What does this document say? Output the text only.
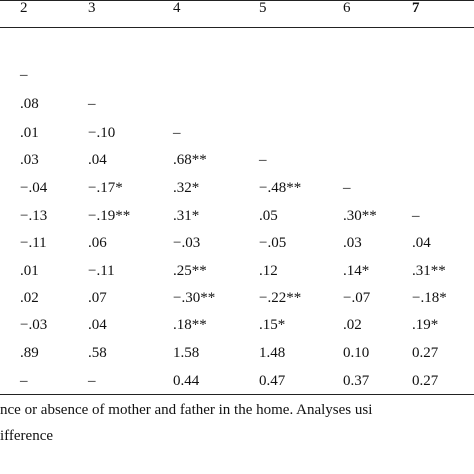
2	3	4	5	6	7
–
.08	–
.01	−.10	–
.03	.04	.68**	–
−.04	−.17*	.32*	−.48**	–
−.13	−.19**	.31*	.05	.30** –
−.11	.06	−.03	−.05	.03	.04
.01	−.11	.25**	.12	.14*	.31**
.02	.07	−.30**	−.22**	−.07	−.18*
−.03	.04	.18**	.15*	.02	.19*
.89	.58	1.58	1.48	0.10	0.27
–	–	0.44	0.47	0.37	0.27
nce or absence of mother and father in the home. Analyses usi
ifference
